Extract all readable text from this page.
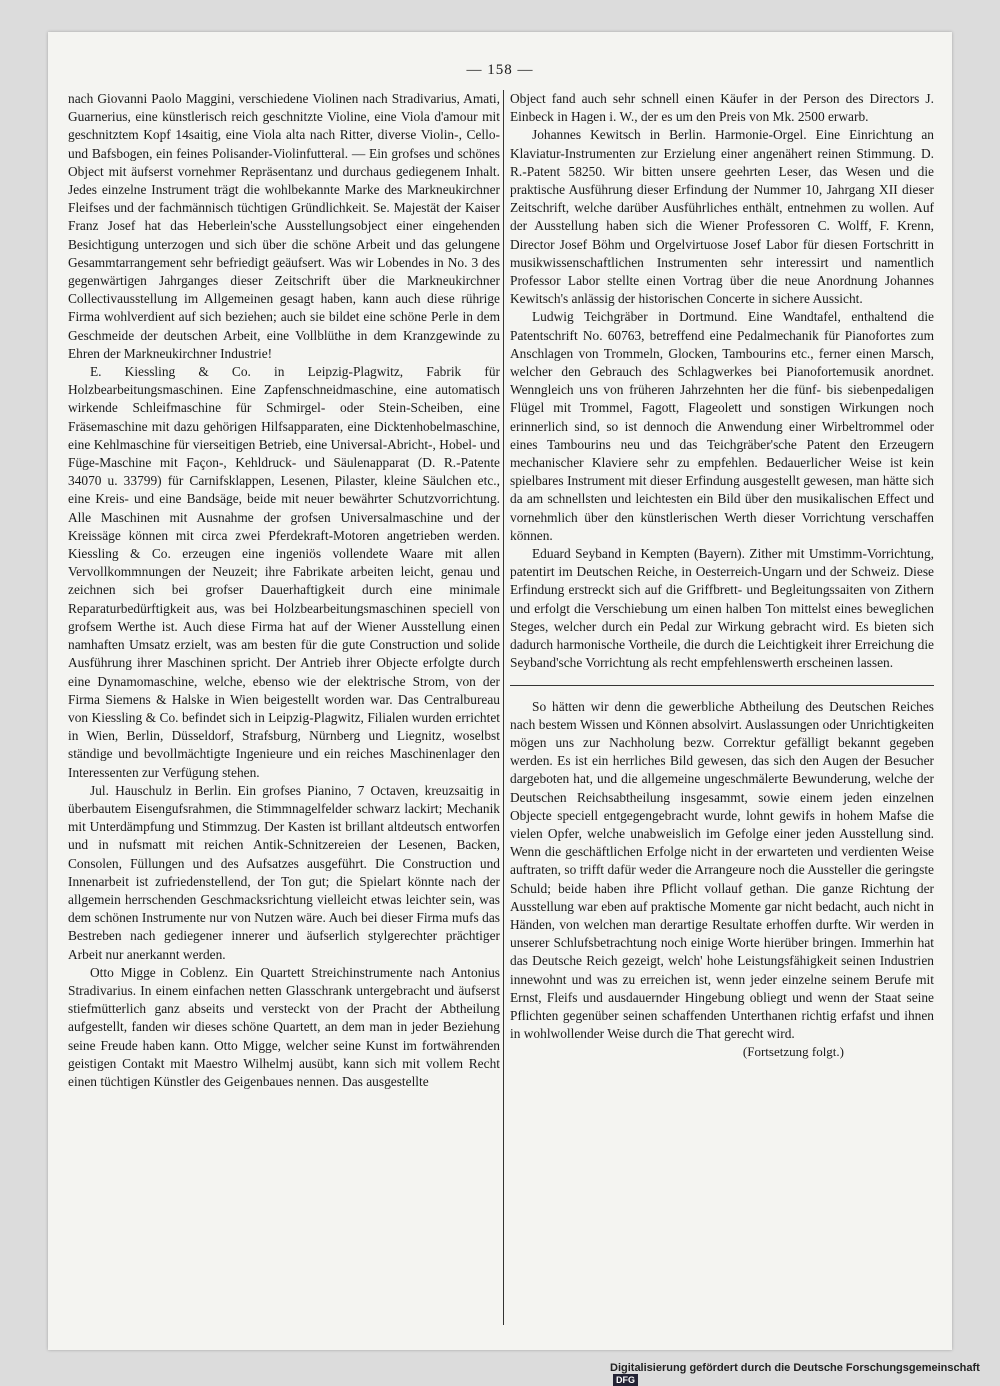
— 158 —

nach Giovanni Paolo Maggini, verschiedene Violinen nach Stradivarius, Amati, Guarnerius, eine künstlerisch reich geschnitzte Violine, eine Viola d'amour mit geschnitztem Kopf 14saitig, eine Viola alta nach Ritter, diverse Violin-, Cello- und Bafsbogen, ein feines Polisander-Violinfutteral. — Ein grofses und schönes Object mit äufserst vornehmer Repräsentanz und durchaus gediegenem Inhalt. Jedes einzelne Instrument trägt die wohlbekannte Marke des Markneukirchner Fleifses und der fachmännisch tüchtigen Gründlichkeit. Se. Majestät der Kaiser Franz Josef hat das Heberlein'sche Ausstellungsobject einer eingehenden Besichtigung unterzogen und sich über die schöne Arbeit und das gelungene Gesammtarrangement sehr befriedigt geäufsert. Was wir Lobendes in No. 3 des gegenwärtigen Jahrganges dieser Zeitschrift über die Markneukirchner Collectivausstellung im Allgemeinen gesagt haben, kann auch diese rührige Firma wohlverdient auf sich beziehen; auch sie bildet eine schöne Perle in dem Geschmeide der deutschen Arbeit, eine Vollblüthe in dem Kranzgewinde zu Ehren der Markneukirchner Industrie!

E. Kiessling & Co. in Leipzig-Plagwitz, Fabrik für Holzbearbeitungsmaschinen. Eine Zapfenschneidmaschine, eine automatisch wirkende Schleifmaschine für Schmirgel- oder Stein-Scheiben, eine Fräsemaschine mit dazu gehörigen Hilfsapparaten, eine Dicktenhobelmaschine, eine Kehlmaschine für vierseitigen Betrieb, eine Universal-Abricht-, Hobel- und Füge-Maschine mit Façon-, Kehldruck- und Säulenapparat (D. R.-Patente 34070 u. 33799) für Carnifsklappen, Lesenen, Pilaster, kleine Säulchen etc., eine Kreis- und eine Bandsäge, beide mit neuer bewährter Schutzvorrichtung. Alle Maschinen mit Ausnahme der grofsen Universalmaschine und der Kreissäge können mit circa zwei Pferdekraft-Motoren angetrieben werden. Kiessling & Co. erzeugen eine ingeniös vollendete Waare mit allen Vervollkommnungen der Neuzeit; ihre Fabrikate arbeiten leicht, genau und zeichnen sich bei grofser Dauerhaftigkeit durch eine minimale Reparaturbedürftigkeit aus, was bei Holzbearbeitungsmaschinen speciell von grofsem Werthe ist. Auch diese Firma hat auf der Wiener Ausstellung einen namhaften Umsatz erzielt, was am besten für die gute Construction und solide Ausführung ihrer Maschinen spricht. Der Antrieb ihrer Objecte erfolgte durch eine Dynamomaschine, welche, ebenso wie der elektrische Strom, von der Firma Siemens & Halske in Wien beigestellt worden war. Das Centralbureau von Kiessling & Co. befindet sich in Leipzig-Plagwitz, Filialen wurden errichtet in Wien, Berlin, Düsseldorf, Strafsburg, Nürnberg und Liegnitz, woselbst ständige und bevollmächtigte Ingenieure und ein reiches Maschinenlager den Interessenten zur Verfügung stehen.

Jul. Hauschulz in Berlin. Ein grofses Pianino, 7 Octaven, kreuzsaitig in überbautem Eisengufsrahmen, die Stimmnagelfelder schwarz lackirt; Mechanik mit Unterdämpfung und Stimmzug. Der Kasten ist brillant altdeutsch entworfen und in nufsmatt mit reichen Antik-Schnitzereien der Lesenen, Backen, Consolen, Füllungen und des Aufsatzes ausgeführt. Die Construction und Innenarbeit ist zufriedenstellend, der Ton gut; die Spielart könnte nach der allgemein herrschenden Geschmacksrichtung vielleicht etwas leichter sein, was dem schönen Instrumente nur von Nutzen wäre. Auch bei dieser Firma mufs das Bestreben nach gediegener innerer und äufserlich stylgerechter prächtiger Arbeit nur anerkannt werden.

Otto Migge in Coblenz. Ein Quartett Streichinstrumente nach Antonius Stradivarius. In einem einfachen netten Glasschrank untergebracht und äufserst stiefmütterlich ganz abseits und versteckt von der Pracht der Abtheilung aufgestellt, fanden wir dieses schöne Quartett, an dem man in jeder Beziehung seine Freude haben kann. Otto Migge, welcher seine Kunst im fortwährenden geistigen Contakt mit Maestro Wilhelmj ausübt, kann sich mit vollem Recht einen tüchtigen Künstler des Geigenbaues nennen. Das ausgestellte

Object fand auch sehr schnell einen Käufer in der Person des Directors J. Einbeck in Hagen i. W., der es um den Preis von Mk. 2500 erwarb.

Johannes Kewitsch in Berlin. Harmonie-Orgel. Eine Einrichtung an Klaviatur-Instrumenten zur Erzielung einer angenähert reinen Stimmung. D. R.-Patent 58250. Wir bitten unsere geehrten Leser, das Wesen und die praktische Ausführung dieser Erfindung der Nummer 10, Jahrgang XII dieser Zeitschrift, welche darüber Ausführliches enthält, entnehmen zu wollen. Auf der Ausstellung haben sich die Wiener Professoren C. Wolff, F. Krenn, Director Josef Böhm und Orgelvirtuose Josef Labor für diesen Fortschritt in musikwissenschaftlichen Instrumenten sehr interessirt und namentlich Professor Labor stellte einen Vortrag über die neue Anordnung Johannes Kewitsch's anlässig der historischen Concerte in sichere Aussicht.

Ludwig Teichgräber in Dortmund. Eine Wandtafel, enthaltend die Patentschrift No. 60763, betreffend eine Pedalmechanik für Pianofortes zum Anschlagen von Trommeln, Glocken, Tambourins etc., ferner einen Marsch, welcher den Gebrauch des Schlagwerkes bei Pianofortemusik anordnet. Wenngleich uns von früheren Jahrzehnten her die fünf- bis siebenpedaligen Flügel mit Trommel, Fagott, Flageolett und sonstigen Wirkungen noch erinnerlich sind, so ist dennoch die Anwendung einer Wirbeltrommel oder eines Tambourins neu und das Teichgräber'sche Patent den Erzeugern mechanischer Klaviere sehr zu empfehlen. Bedauerlicher Weise ist kein spielbares Instrument mit dieser Erfindung ausgestellt gewesen, man hätte sich da am schnellsten und leichtesten ein Bild über den musikalischen Effect und vornehmlich über den künstlerischen Werth dieser Vorrichtung verschaffen können.

Eduard Seyband in Kempten (Bayern). Zither mit Umstimm-Vorrichtung, patentirt im Deutschen Reiche, in Oesterreich-Ungarn und der Schweiz. Diese Erfindung erstreckt sich auf die Griffbrett- und Begleitungssaiten von Zithern und erfolgt die Verschiebung um einen halben Ton mittelst eines beweglichen Steges, welcher durch ein Pedal zur Wirkung gebracht wird. Es bieten sich dadurch harmonische Vortheile, die durch die Leichtigkeit ihrer Erreichung die Seyband'sche Vorrichtung als recht empfehlenswerth erscheinen lassen.

So hätten wir denn die gewerbliche Abtheilung des Deutschen Reiches nach bestem Wissen und Können absolvirt. Auslassungen oder Unrichtigkeiten mögen uns zur Nachholung bezw. Correktur gefälligt bekannt gegeben werden. Es ist ein herrliches Bild gewesen, das sich den Augen der Besucher dargeboten hat, und die allgemeine ungeschmälerte Bewunderung, welche der Deutschen Reichsabtheilung insgesammt, sowie einem jeden einzelnen Objecte speciell entgegengebracht wurde, lohnt gewifs in hohem Mafse die vielen Opfer, welche unabweislich im Gefolge einer jeden Ausstellung sind. Wenn die geschäftlichen Erfolge nicht in der erwarteten und verdienten Weise auftraten, so trifft dafür weder die Arrangeure noch die Aussteller die geringste Schuld; beide haben ihre Pflicht vollauf gethan. Die ganze Richtung der Ausstellung war eben auf praktische Momente gar nicht bedacht, auch nicht in Händen, von welchen man derartige Resultate erhoffen durfte. Wir werden in unserer Schlufsbetrachtung noch einige Worte hierüber bringen. Immerhin hat das Deutsche Reich gezeigt, welch' hohe Leistungsfähigkeit seinen Industrien innewohnt und was zu erreichen ist, wenn jeder einzelne seinem Berufe mit Ernst, Fleifs und ausdauernder Hingebung obliegt und wenn der Staat seine Pflichten gegenüber seinen schaffenden Unterthanen richtig erfafst und ihnen in wohlwollender Weise durch die That gerecht wird.

(Fortsetzung folgt.)

Digitalisierung gefördert durch die Deutsche Forschungsgemeinschaft DFG
